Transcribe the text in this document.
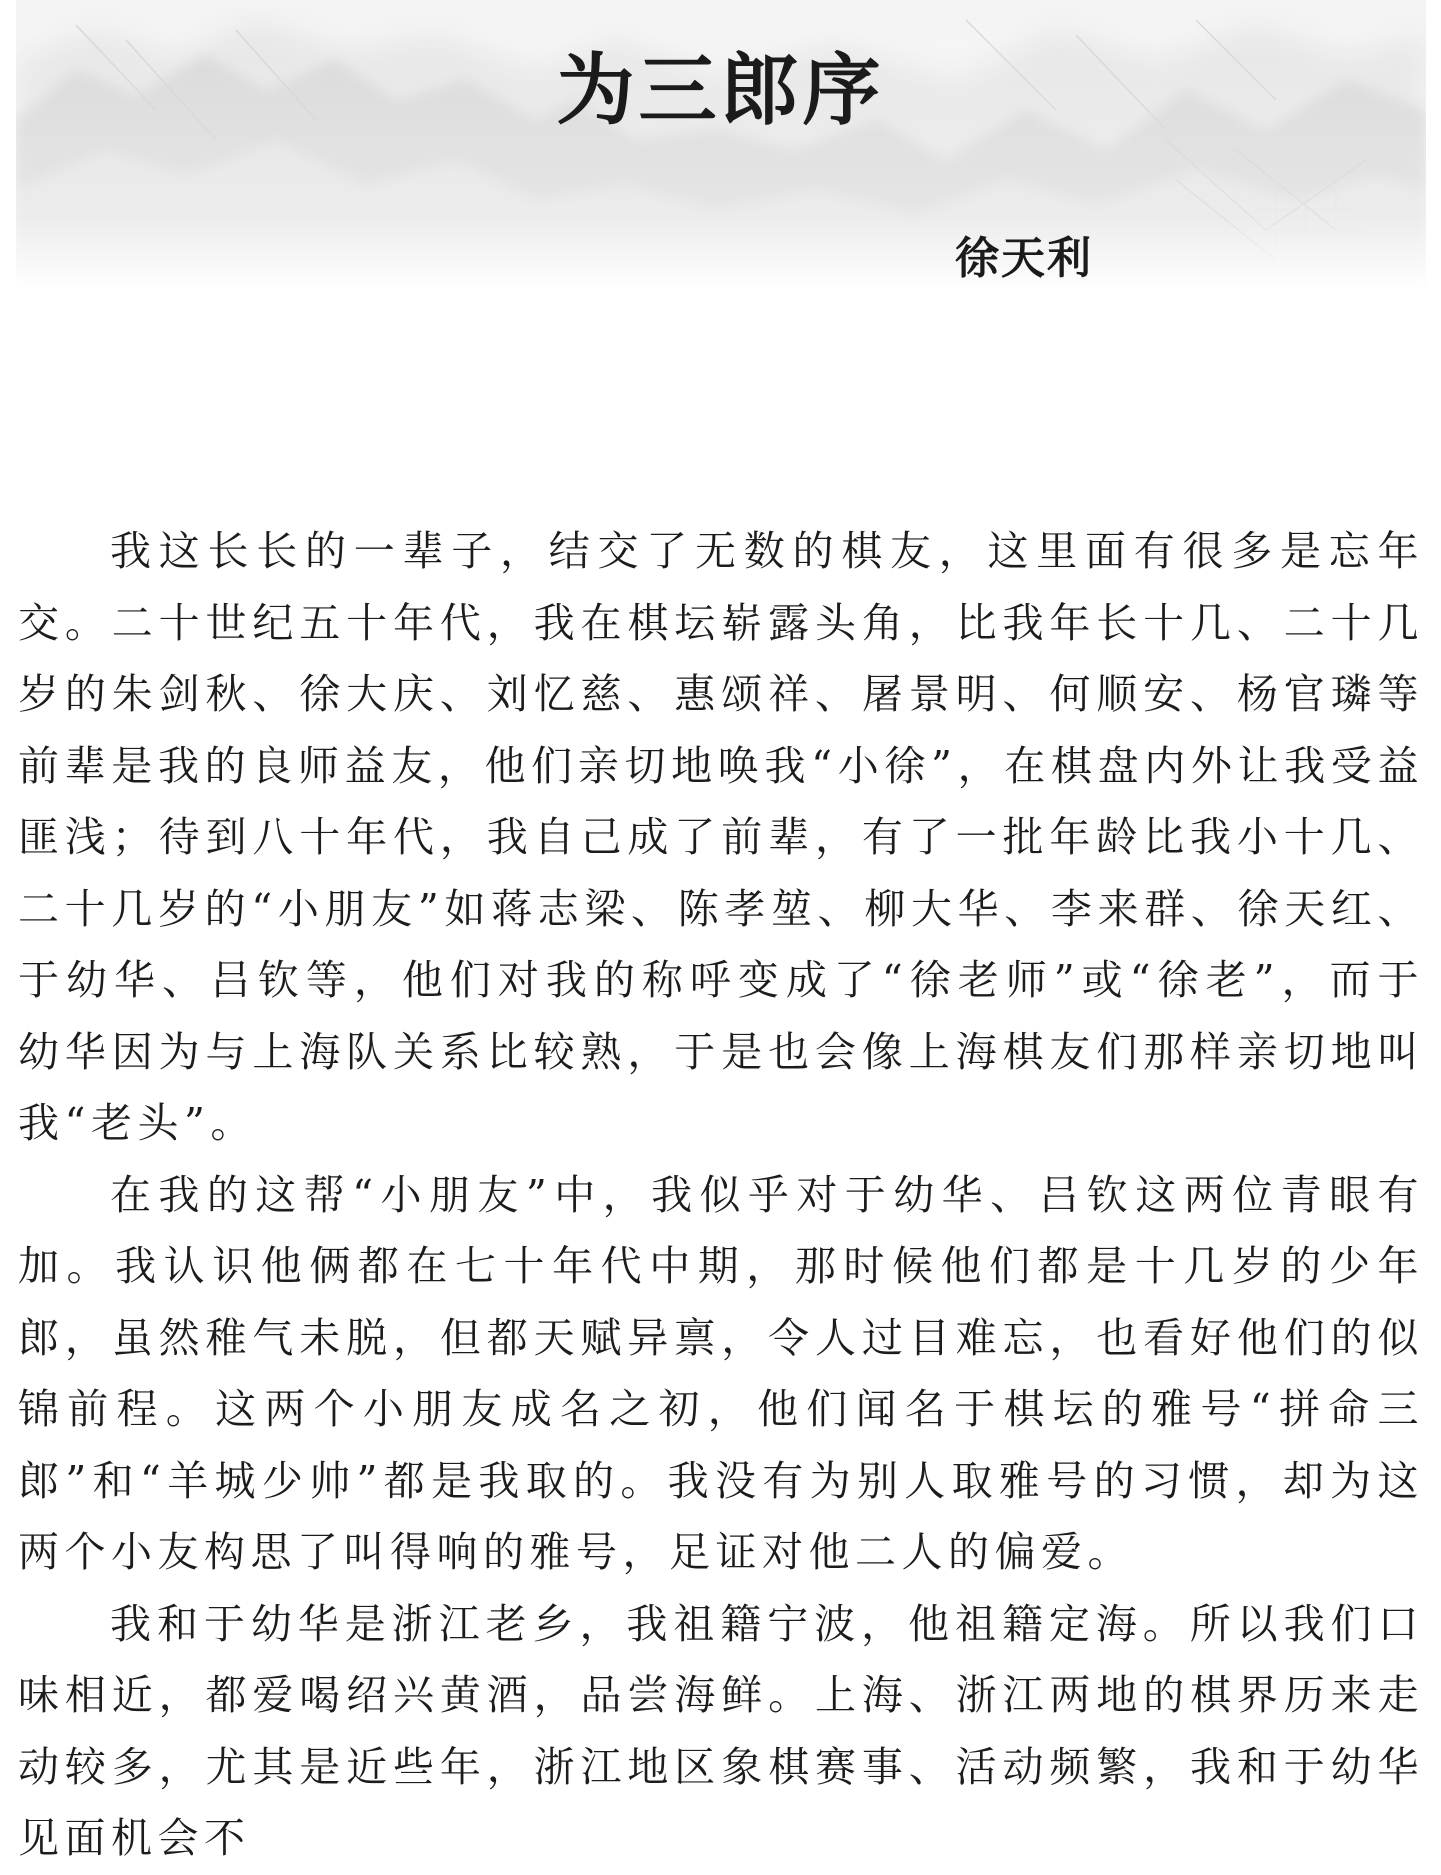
为三郎序

徐天利

我这长长的一辈子，结交了无数的棋友，这里面有很多是忘年交。二十世纪五十年代，我在棋坛崭露头角，比我年长十几、二十几岁的朱剑秋、徐大庆、刘忆慈、惠颂祥、屠景明、何顺安、杨官璘等前辈是我的良师益友，他们亲切地唤我“小徐”，在棋盘内外让我受益匪浅；待到八十年代，我自己成了前辈，有了一批年龄比我小十几、二十几岁的“小朋友”如蒋志梁、陈孝堃、柳大华、李来群、徐天红、于幼华、吕钦等，他们对我的称呼变成了“徐老师”或“徐老”，而于幼华因为与上海队关系比较熟，于是也会像上海棋友们那样亲切地叫我“老头”。

在我的这帮“小朋友”中，我似乎对于幼华、吕钦这两位青眼有加。我认识他俩都在七十年代中期，那时候他们都是十几岁的少年郎，虽然稚气未脱，但都天赋异禀，令人过目难忘，也看好他们的似锦前程。这两个小朋友成名之初，他们闻名于棋坛的雅号“拼命三郎”和“羊城少帅”都是我取的。我没有为别人取雅号的习惯，却为这两个小友构思了叫得响的雅号，足证对他二人的偏爱。

我和于幼华是浙江老乡，我祖籍宁波，他祖籍定海。所以我们口味相近，都爱喝绍兴黄酒，品尝海鲜。上海、浙江两地的棋界历来走动较多，尤其是近些年，浙江地区象棋赛事、活动频繁，我和于幼华见面机会不
